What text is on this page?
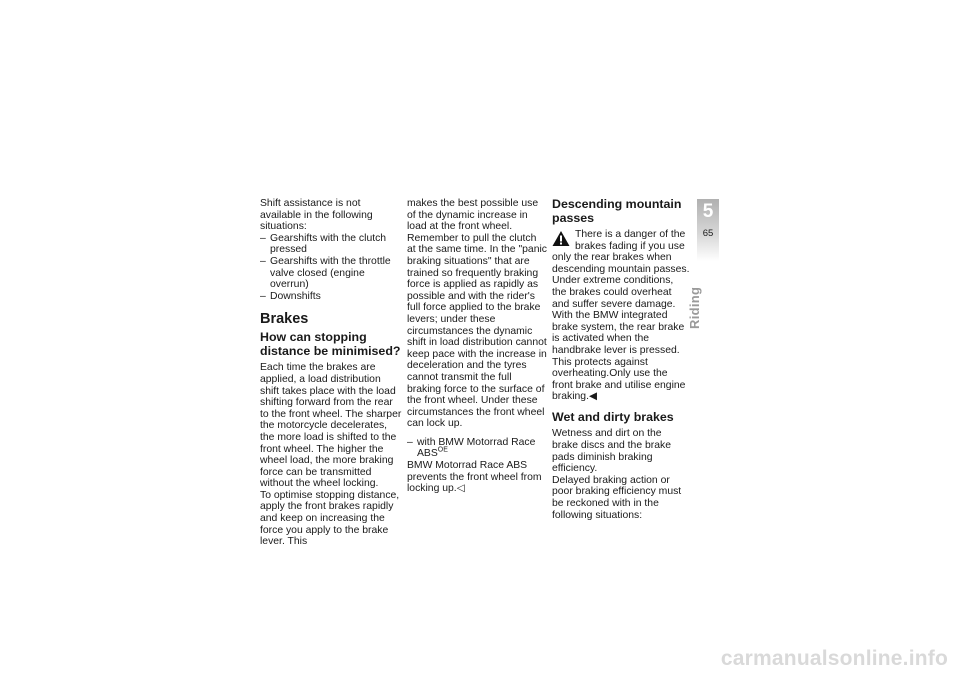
Shift assistance is not available in the following situations:

– Gearshifts with the clutch pressed
– Gearshifts with the throttle valve closed (engine overrun)
– Downshifts
Brakes
How can stopping distance be minimised?

Each time the brakes are applied, a load distribution shift takes place with the load shifting forward from the rear to the front wheel. The sharper the motorcycle decelerates, the more load is shifted to the front wheel. The higher the wheel load, the more braking force can be transmitted without the wheel locking.

To optimise stopping distance, apply the front brakes rapidly and keep on increasing the force you apply to the brake lever. This

makes the best possible use of the dynamic increase in load at the front wheel. Remember to pull the clutch at the same time. In the "panic braking situations" that are trained so frequently braking force is applied as rapidly as possible and with the rider's full force applied to the brake levers; under these circumstances the dynamic shift in load distribution cannot keep pace with the increase in deceleration and the tyres cannot transmit the full braking force to the surface of the front wheel. Under these circumstances the front wheel can lock up.

– with BMW Motorrad Race $ABS^{OE}$

BMW Motorrad Race ABS prevents the front wheel from locking up.◁

Descending mountain passes

There is a danger of the brakes fading if you use only the rear brakes when descending mountain passes. Under extreme conditions, the brakes could overheat and suffer severe damage.

With the BMW integrated brake system, the rear brake is activated when the handbrake lever is pressed. This protects against overheating.Only use the front brake and utilise engine braking.◀

Wet and dirty brakes

Wetness and dirt on the brake discs and the brake pads diminish braking efficiency.

Delayed braking action or poor braking efficiency must be reckoned with in the following situations:

5
65
Riding
carmanualsonline.info
